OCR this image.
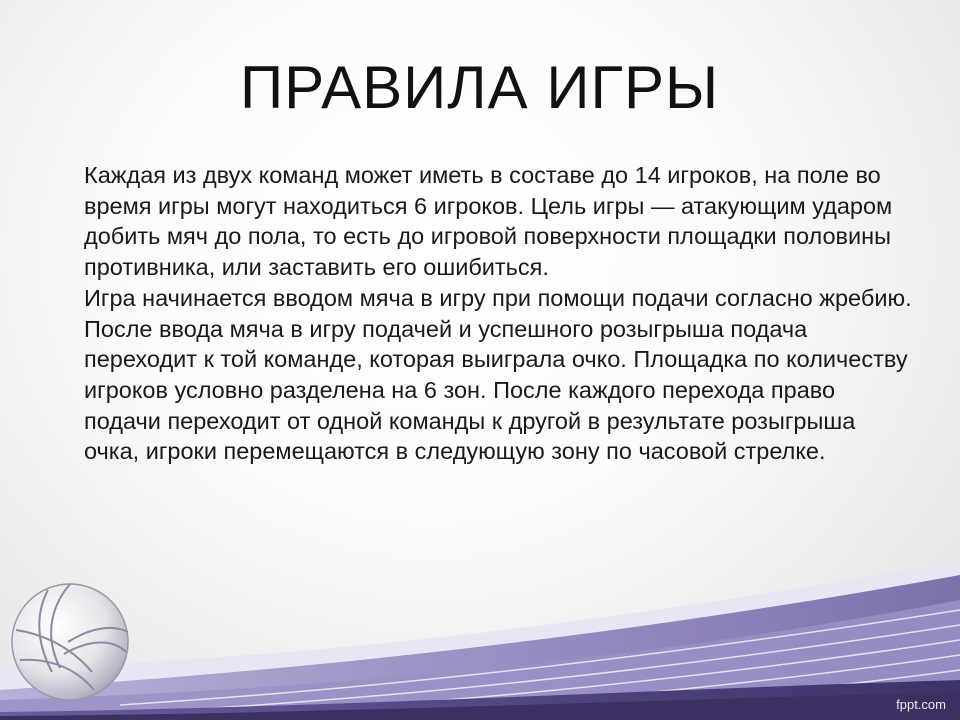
ПРАВИЛА ИГРЫ

Каждая из двух команд может иметь в составе до 14 игроков, на поле во время игры могут находиться 6 игроков. Цель игры — атакующим ударом добить мяч до пола, то есть до игровой поверхности площадки половины противника, или заставить его ошибиться.

Игра начинается вводом мяча в игру при помощи подачи согласно жребию. После ввода мяча в игру подачей и успешного розыгрыша подача переходит к той команде, которая выиграла очко. Площадка по количеству игроков условно разделена на 6 зон. После каждого перехода право подачи переходит от одной команды к другой в результате розыгрыша очка, игроки перемещаются в следующую зону по часовой стрелке.

fppt.com
